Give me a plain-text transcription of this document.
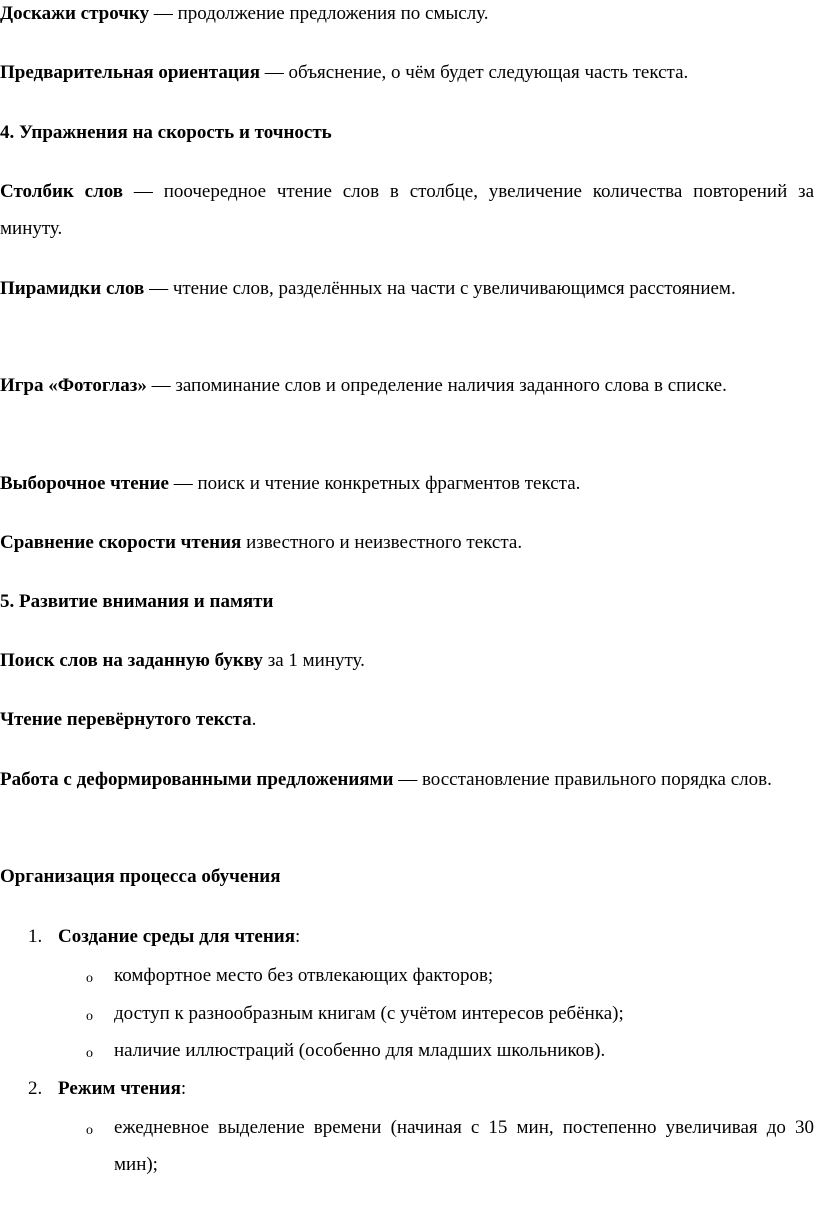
Доскажи строчку — продолжение предложения по смыслу.

Предварительная ориентация — объяснение, о чём будет следующая часть текста.

4. Упражнения на скорость и точность

Столбик слов — поочередное чтение слов в столбце, увеличение количества повторений за минуту.

Пирамидки слов — чтение слов, разделённых на части с увеличивающимся расстоянием.

Игра «Фотоглаз» — запоминание слов и определение наличия заданного слова в списке.

Выборочное чтение — поиск и чтение конкретных фрагментов текста.

Сравнение скорости чтения известного и неизвестного текста.

5. Развитие внимания и памяти

Поиск слов на заданную букву за 1 минуту.

Чтение перевёрнутого текста.

Работа с деформированными предложениями — восстановление правильного порядка слов.

Организация процесса обучения

1. Создание среды для чтения:
o комфортное место без отвлекающих факторов;
o доступ к разнообразным книгам (с учётом интересов ребёнка);
o наличие иллюстраций (особенно для младших школьников).
2. Режим чтения:
o ежедневное выделение времени (начиная с 15 мин, постепенно увеличивая до 30 мин);
